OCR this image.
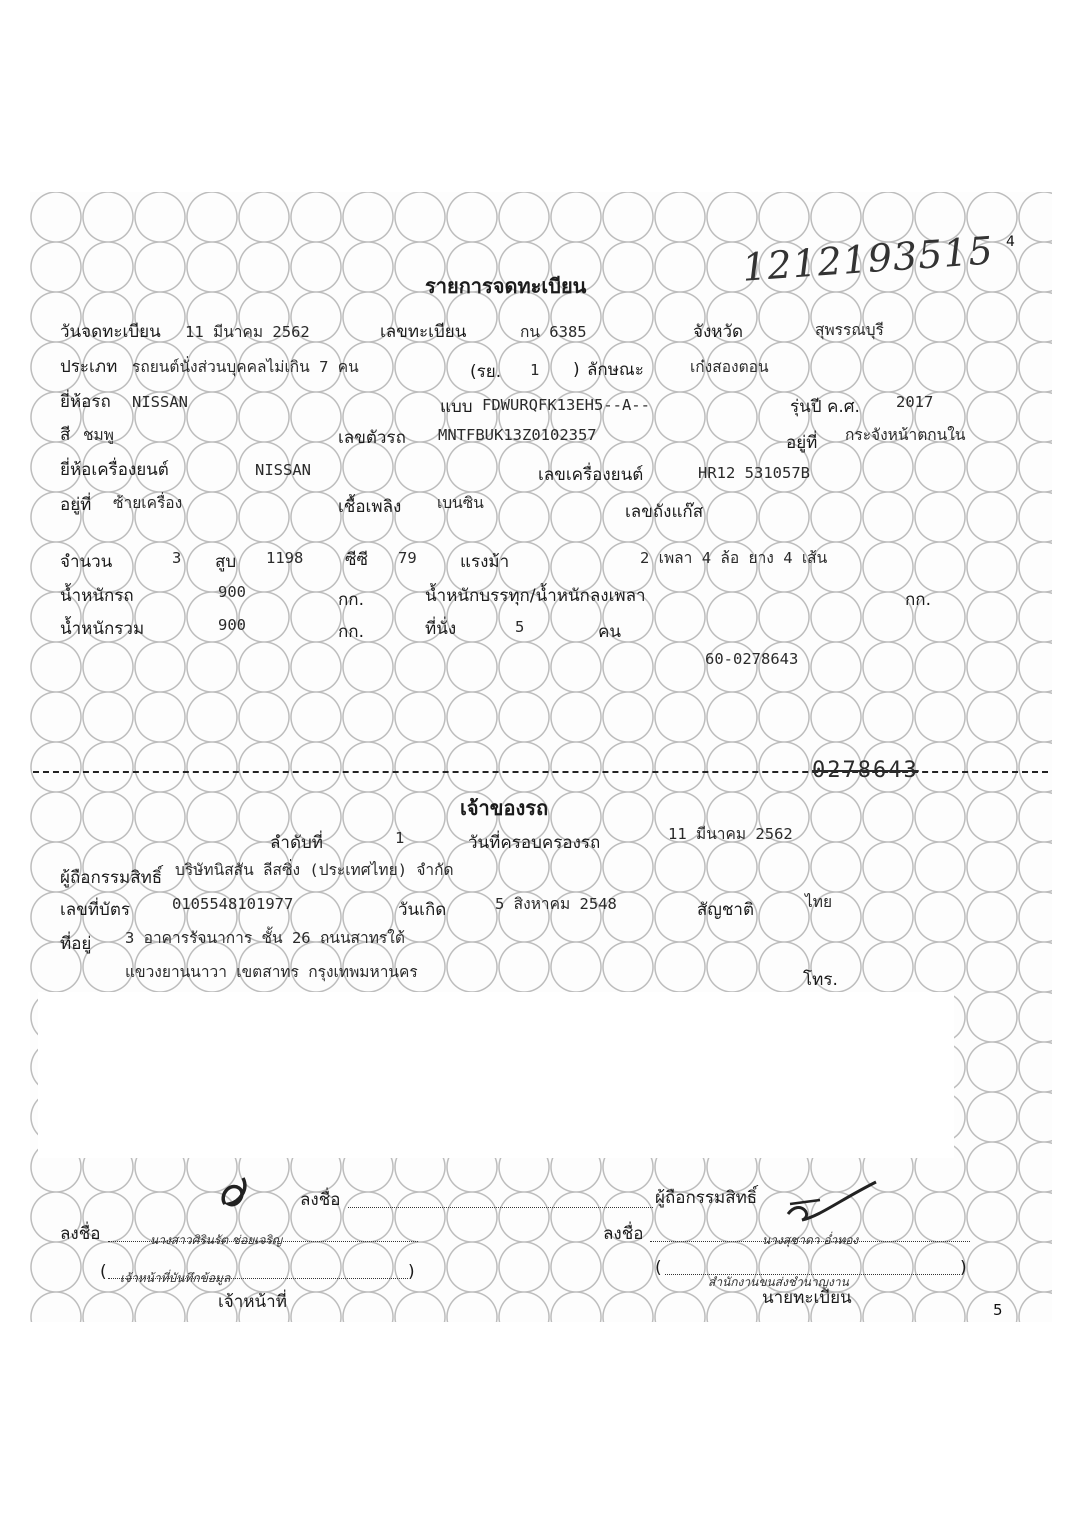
1212193515 4
รายการจดทะเบียน
วันจดทะเบียน 11 มีนาคม 2562	เลขทะเบียน	กน 6385	จังหวัด	สุพรรณบุรี
ประเภท รถยนต์นั่งส่วนบุคคลไม่เกิน 7 คน	(รย. 1 ) ลักษณะ	เก๋งสองตอน
ยี่ห้อรถ NISSAN	แบบ FDWURQFK13EH5--A--	รุ่นปี ค.ศ. 2017
สี ชมพู	เลขตัวรถ MNTFBUK13Z0102357	อยู่ที่ กระจังหน้าตกนใน
ยี่ห้อเครื่องยนต์	NISSAN	เลขเครื่องยนต์	HR12 531057B
อยู่ที่ ซ้ายเครื่อง	เชื้อเพลิง เบนซิน	เลขถังแก๊ส
จำนวน	3 สูบ 1198 ซีซี 79	แรงม้า	2 เพลา 4 ล้อ ยาง 4 เส้น
น้ำหนักรถ	900	กก.	น้ำหนักบรรทุก/น้ำหนักลงเพลา	กก.
น้ำหนักรวม	900	กก.	ที่นั่ง	5	คน
60-0278643
0278643
เจ้าของรถ
ลำดับที่	1	วันที่ครอบครองรถ	11 มีนาคม 2562
ผู้ถือกรรมสิทธิ์ บริษัทนิสสัน ลีสซิ่ง (ประเทศไทย) จำกัด
เลขที่บัตร	0105548101977	วันเกิด	5 สิงหาคม 2548	สัญชาติ	ไทย
ที่อยู่ 3 อาคารรัจนาการ ชั้น 26 ถนนสาทรใต้
แขวงยานนาวา เขตสาทร กรุงเทพมหานคร	โทร.
ลงชื่อ	ผู้ถือกรรมสิทธิ์
ลงชื่อ	นางสาวศิรินรัต ช่อยเจริญ
( เจ้าหน้าที่บันทึกข้อมูล	)
เจ้าหน้าที่
ลงชื่อ	นางสุชาดา อ่ำทอง
(
สำนักงานขนส่งชำนาญงาน
)
นายทะเบียน
5
